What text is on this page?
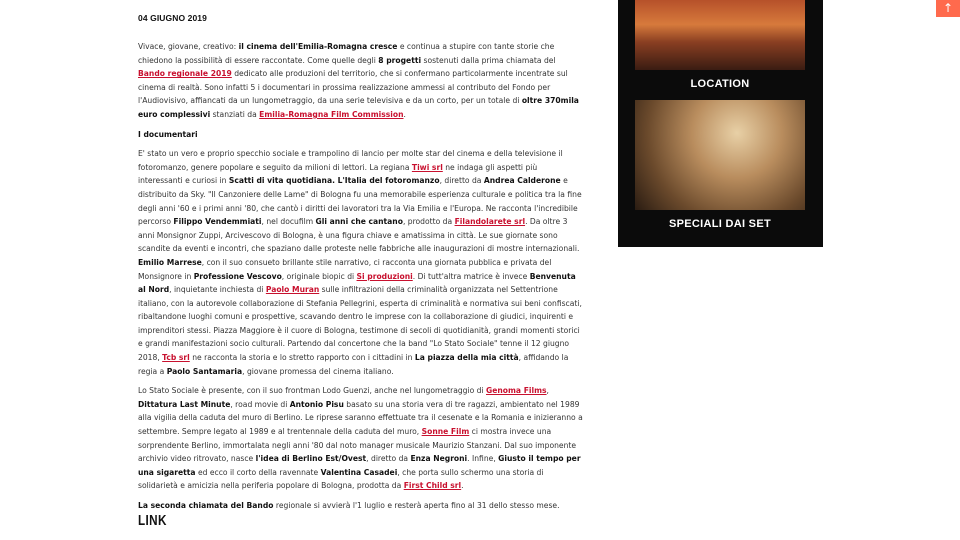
04 GIUGNO 2019

Vivace, giovane, creativo: il cinema dell'Emilia-Romagna cresce e continua a stupire con tante storie che chiedono la possibilità di essere raccontate. Come quelle degli 8 progetti sostenuti dalla prima chiamata del Bando regionale 2019 dedicato alle produzioni del territorio, che si confermano particolarmente incentrate sul cinema di realtà. Sono infatti 5 i documentari in prossima realizzazione ammessi al contributo del Fondo per l'Audiovisivo, affiancati da un lungometraggio, da una serie televisiva e da un corto, per un totale di oltre 370mila euro complessivi stanziati da Emilia-Romagna Film Commission.

I documentari

E' stato un vero e proprio specchio sociale e trampolino di lancio per molte star del cinema e della televisione il fotoromanzo, genere popolare e seguito da milioni di lettori. La regiana Tiwi srl ne indaga gli aspetti più interessanti e curiosi in Scatti di vita quotidiana. L'Italia del fotoromanzo, diretto da Andrea Calderone e distribuito da Sky. "Il Canzoniere delle Lame" di Bologna fu una memorabile esperienza culturale e politica tra la fine degli anni '60 e i primi anni '80, che cantò i diritti dei lavoratori tra la Via Emilia e l'Europa. Ne racconta l'incredibile percorso Filippo Vendemmiati, nel docufilm Gli anni che cantano, prodotto da Filandolarete srl. Da oltre 3 anni Monsignor Zuppi, Arcivescovo di Bologna, è una figura chiave e amatissima in città. Le sue giornate sono scandite da eventi e incontri, che spaziano dalle proteste nelle fabbriche alle inaugurazioni di mostre internazionali. Emilio Marrese, con il suo consueto brillante stile narrativo, ci racconta una giornata pubblica e privata del Monsignore in Professione Vescovo, originale biopic di Si produzioni. Di tutt'altra matrice è invece Benvenuta al Nord, inquietante inchiesta di Paolo Muran sulle infiltrazioni della criminalità organizzata nel Settentrione italiano, con la autorevole collaborazione di Stefania Pellegrini, esperta di criminalità e normativa sui beni confiscati, ribaltandone luoghi comuni e prospettive, scavando dentro le imprese con la collaborazione di giudici, inquirenti e imprenditori stessi. Piazza Maggiore è il cuore di Bologna, testimone di secoli di quotidianità, grandi momenti storici e grandi manifestazioni socio culturali. Partendo dal concertone che la band "Lo Stato Sociale" tenne il 12 giugno 2018, Tcb srl ne racconta la storia e lo stretto rapporto con i cittadini in La piazza della mia città, affidando la regia a Paolo Santamaria, giovane promessa del cinema italiano.

Lo Stato Sociale è presente, con il suo frontman Lodo Guenzi, anche nel lungometraggio di Genoma Films, Dittatura Last Minute, road movie di Antonio Pisu basato su una storia vera di tre ragazzi, ambientato nel 1989 alla vigilia della caduta del muro di Berlino. Le riprese saranno effettuate tra il cesenate e la Romania e inizieranno a settembre. Sempre legato al 1989 e al trentennale della caduta del muro, Sonne Film ci mostra invece una sorprendente Berlino, immortalata negli anni '80 dal noto manager musicale Maurizio Stanzani. Dal suo imponente archivio video ritrovato, nasce l'idea di Berlino Est/Ovest, diretto da Enza Negroni. Infine, Giusto il tempo per una sigaretta ed ecco il corto della ravennate Valentina Casadei, che porta sullo schermo una storia di solidarietà e amicizia nella periferia popolare di Bologna, prodotta da First Child srl.

La seconda chiamata del Bando regionale si avvierà l'1 luglio e resterà aperta fino al 31 dello stesso mese.

LINK
LOCATION
SPECIALI DAI SET
↑
